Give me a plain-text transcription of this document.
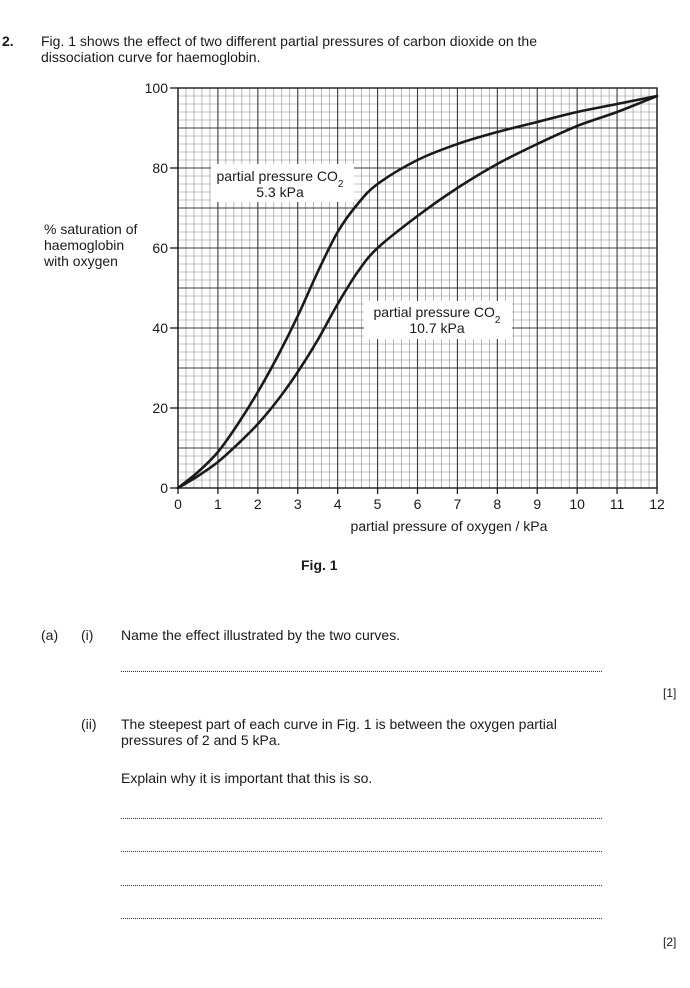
2. Fig. 1 shows the effect of two different partial pressures of carbon dioxide on the
dissociation curve for haemoglobin.
% saturation of
haemoglobin
with oxygen
0
20
40
60
80
100
0 1 2 3 4 5 6 7 8 9 10 11 12
partial pressure $CO_2$
5.3 kPa
partial pressure $CO_2$
10.7 kPa
partial pressure of oxygen / kPa
Fig. 1
(a) (i) Name the effect illustrated by the two curves.
[1]
(ii) The steepest part of each curve in Fig. 1 is between the oxygen partial
pressures of 2 and 5 kPa.
Explain why it is important that this is so.
[2]
